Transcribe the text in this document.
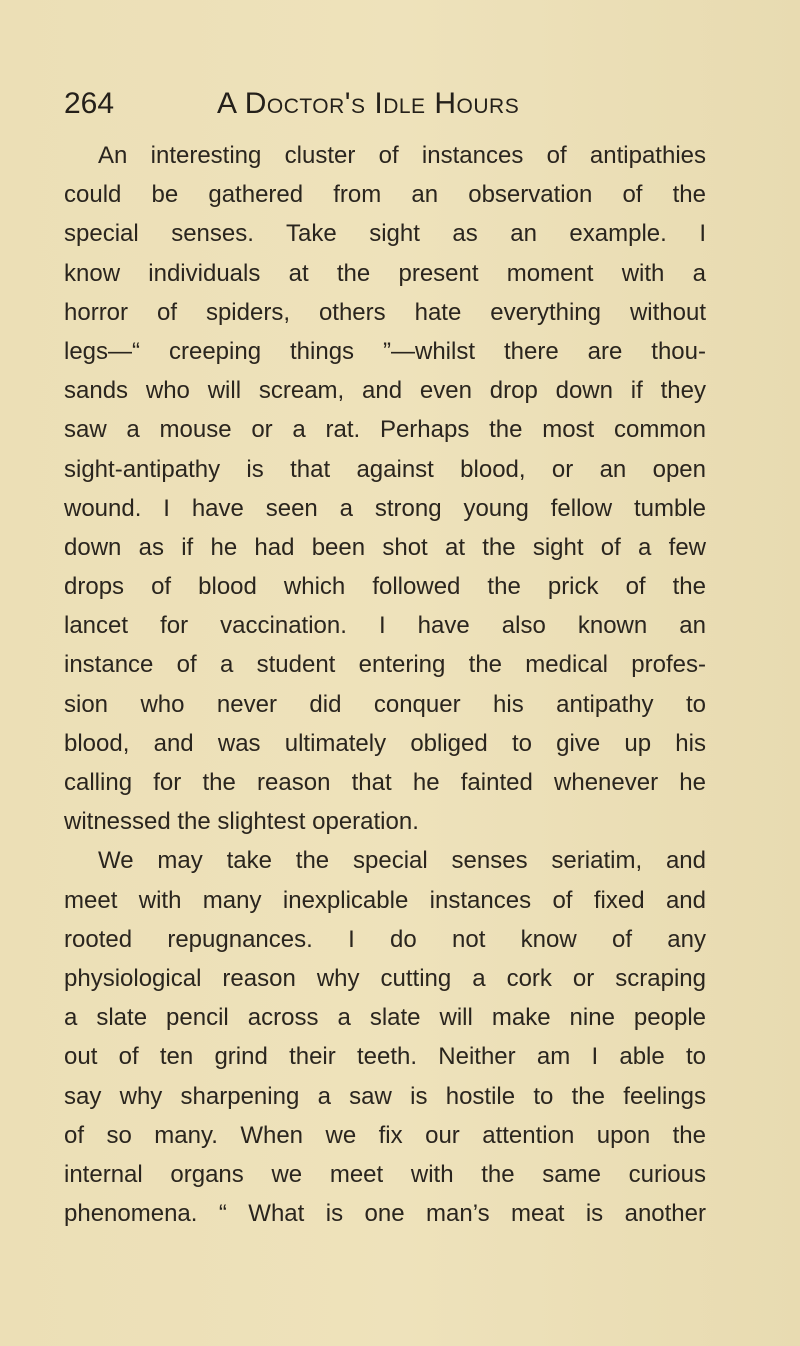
264	A Doctor's Idle Hours
An interesting cluster of instances of antipathies
could be gathered from an observation of the
special senses. Take sight as an example. I
know individuals at the present moment with a
horror of spiders, others hate everything without
legs—“ creeping things ”—whilst there are thou-
sands who will scream, and even drop down if they
saw a mouse or a rat. Perhaps the most common
sight-antipathy is that against blood, or an open
wound. I have seen a strong young fellow tumble
down as if he had been shot at the sight of a few
drops of blood which followed the prick of the
lancet for vaccination. I have also known an
instance of a student entering the medical profes-
sion who never did conquer his antipathy to
blood, and was ultimately obliged to give up his
calling for the reason that he fainted whenever he
witnessed the slightest operation.
We may take the special senses seriatim, and
meet with many inexplicable instances of fixed and
rooted repugnances. I do not know of any
physiological reason why cutting a cork or scraping
a slate pencil across a slate will make nine people
out of ten grind their teeth. Neither am I able to
say why sharpening a saw is hostile to the feelings
of so many. When we fix our attention upon the
internal organs we meet with the same curious
phenomena. “ What is one man’s meat is another
